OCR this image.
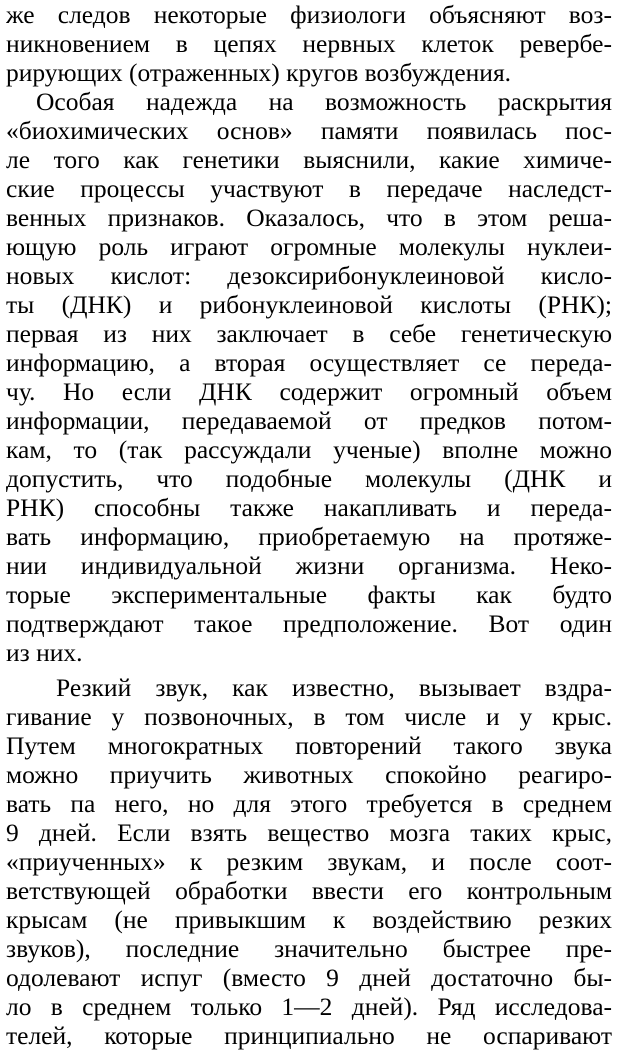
же следов некоторые физиологи объясняют воз-
никновением в цепях нервных клеток ревербе-
рирующих (отраженных) кругов возбуждения.
Особая надежда на возможность раскрытия
«биохимических основ» памяти появилась пос-
ле того как генетики выяснили, какие химиче-
ские процессы участвуют в передаче наследст-
венных признаков. Оказалось, что в этом реша-
ющую роль играют огромные молекулы нуклеи-
новых кислот: дезоксирибонуклеиновой кисло-
ты (ДНК) и рибонуклеиновой кислоты (РНК);
первая из них заключает в себе генетическую
информацию, а вторая осуществляет се переда-
чу. Но если ДНК содержит огромный объем
информации, передаваемой от предков потом-
кам, то (так рассуждали ученые) вполне можно
допустить, что подобные молекулы (ДНК и
РНК) способны также накапливать и переда-
вать информацию, приобретаемую на протяже-
нии индивидуальной жизни организма. Неко-
торые экспериментальные факты как будто
подтверждают такое предположение. Вот один
из них.
Резкий звук, как известно, вызывает вздра-
гивание у позвоночных, в том числе и у крыс.
Путем многократных повторений такого звука
можно приучить животных спокойно реагиро-
вать па него, но для этого требуется в среднем
9 дней. Если взять вещество мозга таких крыс,
«приученных» к резким звукам, и после соот-
ветствующей обработки ввести его контрольным
крысам (не привыкшим к воздействию резких
звуков), последние значительно быстрее пре-
одолевают испуг (вместо 9 дней достаточно бы-
ло в среднем только 1—2 дней). Ряд исследова-
телей, которые принципиально не оспаривают
